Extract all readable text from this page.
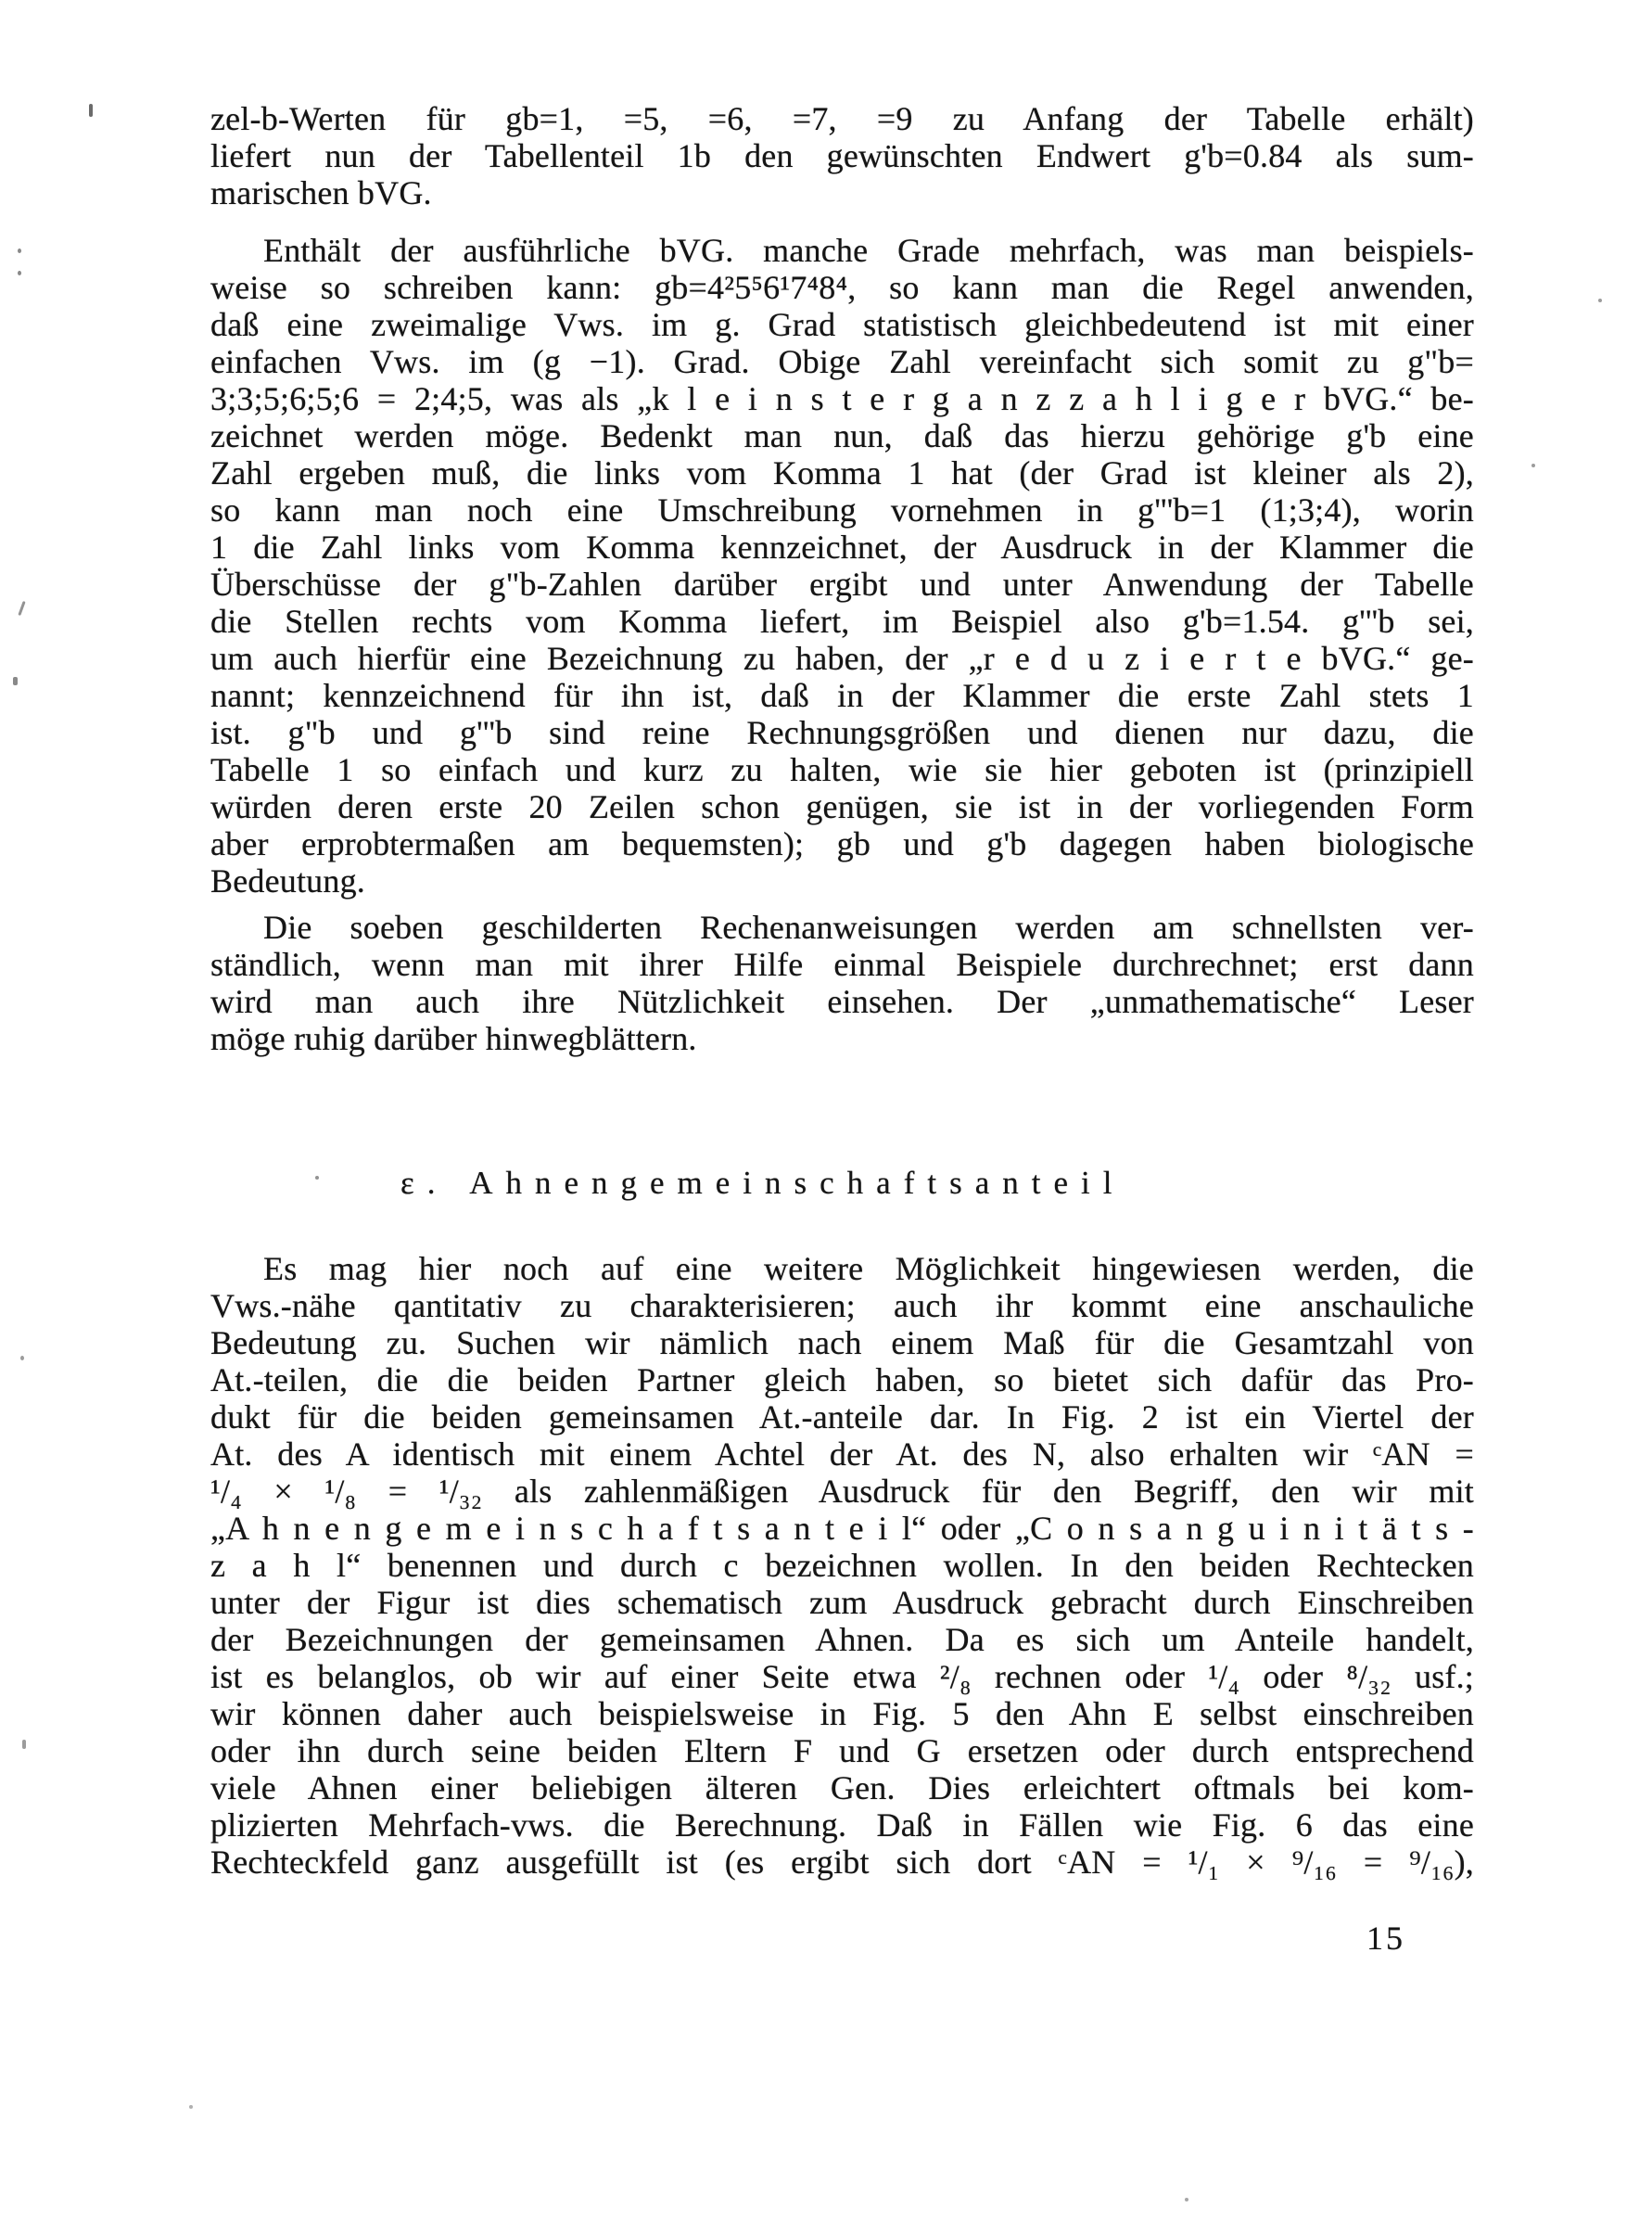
zel-b-Werten für gb=1, =5, =6, =7, =9 zu Anfang der Tabelle erhält)
liefert nun der Tabellenteil 1b den gewünschten Endwert g'b=0.84 als sum-
marischen bVG.
Enthält der ausführliche bVG. manche Grade mehrfach, was man beispiels-
weise so schreiben kann: gb=4²5⁵6¹7⁴8⁴, so kann man die Regel anwenden,
daß eine zweimalige Vws. im g. Grad statistisch gleichbedeutend ist mit einer
einfachen Vws. im (g −1). Grad. Obige Zahl vereinfacht sich somit zu g"b=
3;3;5;6;5;6 = 2;4;5, was als „k l e i n s t e r g a n z z a h l i g e r bVG.“ be-
zeichnet werden möge. Bedenkt man nun, daß das hierzu gehörige g'b eine
Zahl ergeben muß, die links vom Komma 1 hat (der Grad ist kleiner als 2),
so kann man noch eine Umschreibung vornehmen in g'''b=1 (1;3;4), worin
1 die Zahl links vom Komma kennzeichnet, der Ausdruck in der Klammer die
Überschüsse der g"b-Zahlen darüber ergibt und unter Anwendung der Tabelle
die Stellen rechts vom Komma liefert, im Beispiel also g'b=1.54. g'''b sei,
um auch hierfür eine Bezeichnung zu haben, der „r e d u z i e r t e bVG.“ ge-
nannt; kennzeichnend für ihn ist, daß in der Klammer die erste Zahl stets 1
ist. g"b und g'''b sind reine Rechnungsgrößen und dienen nur dazu, die
Tabelle 1 so einfach und kurz zu halten, wie sie hier geboten ist (prinzipiell
würden deren erste 20 Zeilen schon genügen, sie ist in der vorliegenden Form
aber erprobtermaßen am bequemsten); gb und g'b dagegen haben biologische
Bedeutung.
Die soeben geschilderten Rechenanweisungen werden am schnellsten ver-
ständlich, wenn man mit ihrer Hilfe einmal Beispiele durchrechnet; erst dann
wird man auch ihre Nützlichkeit einsehen. Der „unmathematische“ Leser
möge ruhig darüber hinwegblättern.
ε. Ahnengemeinschaftsanteil
Es mag hier noch auf eine weitere Möglichkeit hingewiesen werden, die
Vws.-nähe qantitativ zu charakterisieren; auch ihr kommt eine anschauliche
Bedeutung zu. Suchen wir nämlich nach einem Maß für die Gesamtzahl von
At.-teilen, die die beiden Partner gleich haben, so bietet sich dafür das Pro-
dukt für die beiden gemeinsamen At.-anteile dar. In Fig. 2 ist ein Viertel der
At. des A identisch mit einem Achtel der At. des N, also erhalten wir ᶜAN =
¹/₄ × ¹/₈ = ¹/₃₂ als zahlenmäßigen Ausdruck für den Begriff, den wir mit
„A h n e n g e m e i n s c h a f t s a n t e i l“ oder „C o n s a n g u i n i t ä t s -
z a h l“ benennen und durch c bezeichnen wollen. In den beiden Rechtecken
unter der Figur ist dies schematisch zum Ausdruck gebracht durch Einschreiben
der Bezeichnungen der gemeinsamen Ahnen. Da es sich um Anteile handelt,
ist es belanglos, ob wir auf einer Seite etwa ²/₈ rechnen oder ¹/₄ oder ⁸/₃₂ usf.;
wir können daher auch beispielsweise in Fig. 5 den Ahn E selbst einschreiben
oder ihn durch seine beiden Eltern F und G ersetzen oder durch entsprechend
viele Ahnen einer beliebigen älteren Gen. Dies erleichtert oftmals bei kom-
plizierten Mehrfach-vws. die Berechnung. Daß in Fällen wie Fig. 6 das eine
Rechteckfeld ganz ausgefüllt ist (es ergibt sich dort ᶜAN = ¹/₁ × ⁹/₁₆ = ⁹/₁₆),
15
